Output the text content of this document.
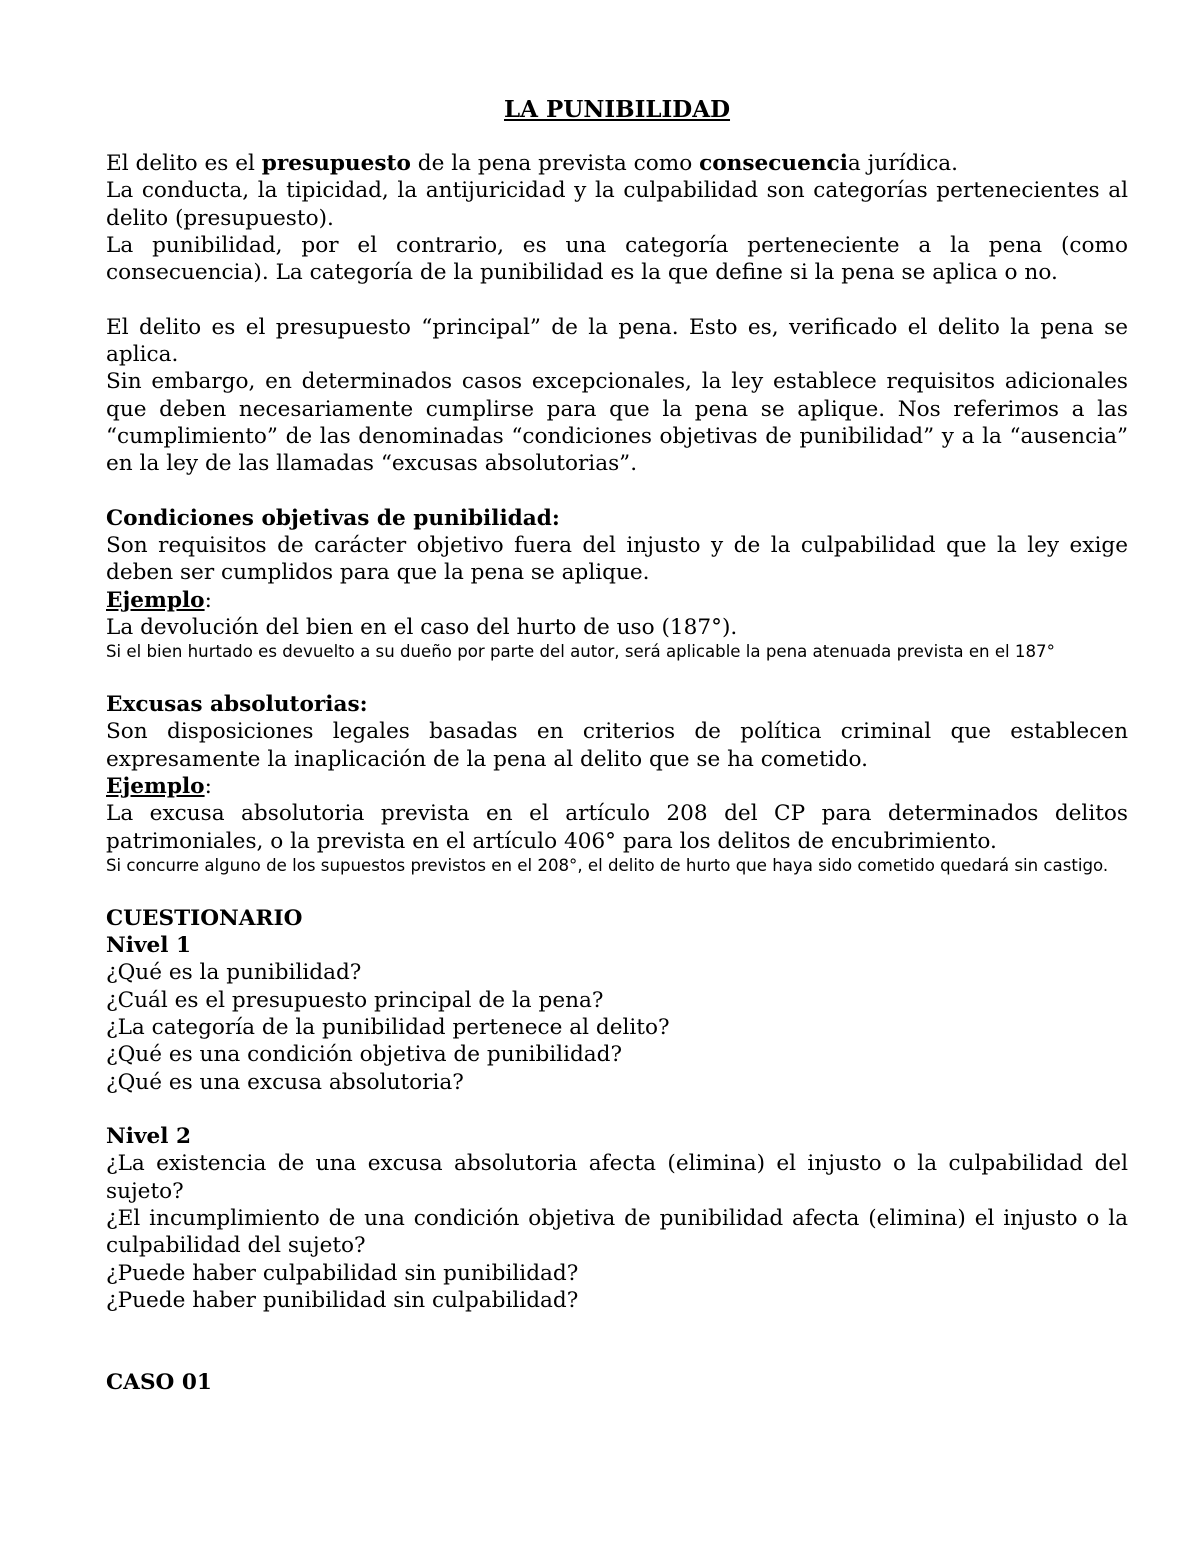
LA PUNIBILIDAD

El delito es el presupuesto de la pena prevista como consecuencia jurídica.

La conducta, la tipicidad, la antijuricidad y la culpabilidad son categorías pertenecientes al delito (presupuesto).

La punibilidad, por el contrario, es una categoría perteneciente a la pena (como consecuencia). La categoría de la punibilidad es la que define si la pena se aplica o no.

El delito es el presupuesto “principal” de la pena. Esto es, verificado el delito la pena se aplica.

Sin embargo, en determinados casos excepcionales, la ley establece requisitos adicionales que deben necesariamente cumplirse para que la pena se aplique. Nos referimos a las “cumplimiento” de las denominadas “condiciones objetivas de punibilidad” y a la “ausencia” en la ley de las llamadas “excusas absolutorias”.

Condiciones objetivas de punibilidad:

Son requisitos de carácter objetivo fuera del injusto y de la culpabilidad que la ley exige deben ser cumplidos para que la pena se aplique.

Ejemplo:

La devolución del bien en el caso del hurto de uso (187°).

Si el bien hurtado es devuelto a su dueño por parte del autor, será aplicable la pena atenuada prevista en el 187°

Excusas absolutorias:

Son disposiciones legales basadas en criterios de política criminal que establecen expresamente la inaplicación de la pena al delito que se ha cometido.

Ejemplo:

La excusa absolutoria prevista en el artículo 208 del CP para determinados delitos patrimoniales, o la prevista en el artículo 406° para los delitos de encubrimiento.

Si concurre alguno de los supuestos previstos en el 208°, el delito de hurto que haya sido cometido quedará sin castigo.

CUESTIONARIO

Nivel 1

¿Qué es la punibilidad?

¿Cuál es el presupuesto principal de la pena?

¿La categoría de la punibilidad pertenece al delito?

¿Qué es una condición objetiva de punibilidad?

¿Qué es una excusa absolutoria?

Nivel 2

¿La existencia de una excusa absolutoria afecta (elimina) el injusto o la culpabilidad del sujeto?

¿El incumplimiento de una condición objetiva de punibilidad afecta (elimina) el injusto o la culpabilidad del sujeto?

¿Puede haber culpabilidad sin punibilidad?

¿Puede haber punibilidad sin culpabilidad?

CASO 01
